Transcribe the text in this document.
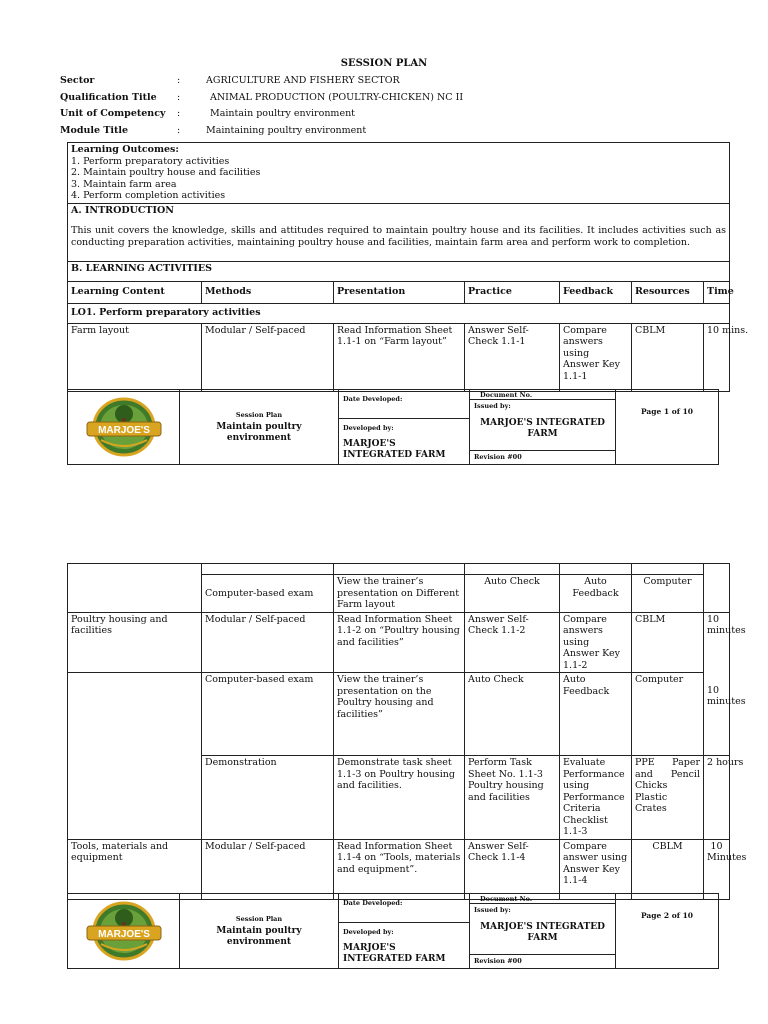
SESSION PLAN
Sector	:	AGRICULTURE AND FISHERY SECTOR
Qualification Title :	ANIMAL PRODUCTION (POULTRY-CHICKEN) NC II
Unit of Competency :	Maintain poultry environment
Module Title	:	Maintaining poultry environment
Learning Outcomes:
1. Perform preparatory activities
2. Maintain poultry house and facilities
3. Maintain farm area
4. Perform completion activities						

A. INTRODUCTION
This unit covers the knowledge, skills and attitudes required to maintain poultry house and its facilities. It includes activities such as conducting preparation activities, maintaining poultry house and facilities, maintain farm area and perform work to completion.						

B. LEARNING ACTIVITIES						
Learning Content	Methods	Presentation	Practice	Feedback	Resources	Time
LO1. Perform preparatory activities						
Farm layout	Modular / Self-paced	Read Information Sheet 1.1-1 on “Farm layout”	Answer Self-Check 1.1-1	Compare answers using Answer Key 1.1-1	CBLM	10 mins.
MARJOE'S

Session Plan
Maintain poultry environment

Date Developed:
Developed by:
MARJOE'S INTEGRATED FARM

Document No.
Issued by:
MARJOE'S INTEGRATED FARM
Revision #00
	Page 1 of 10

	Computer-based exam	View the trainer’s presentation on Different Farm layout	Auto Check	Auto Feedback	Computer	
Poultry housing and facilities	Modular / Self-paced	Read Information Sheet 1.1-2 on “Poultry housing and facilities”	Answer Self-Check 1.1-2	Compare answers using Answer Key 1.1-2	CBLM	10 minutes
	Computer-based exam	View the trainer’s presentation on the Poultry housing and facilities”	Auto Check	Auto Feedback	Computer	10 minutes
	Demonstration	Demonstrate task sheet 1.1-3 on Poultry housing and facilities.	Perform Task Sheet No. 1.1-3 Poultry housing and facilities	Evaluate Performance using Performance Criteria Checklist 1.1-3	PPE Paper and Pencil Chicks Plastic Crates	2 hours
Tools, materials and equipment	Modular / Self-paced	Read Information Sheet 1.1-4 on “Tools, materials and equipment”.	Answer Self-Check 1.1-4	Compare answer using Answer Key 1.1-4	CBLM	10 Minutes
MARJOE'S

Session Plan
Maintain poultry environment

Date Developed:
Developed by:
MARJOE'S INTEGRATED FARM

Document No.
Issued by:
MARJOE'S INTEGRATED FARM
Revision #00
	Page 2 of 10
